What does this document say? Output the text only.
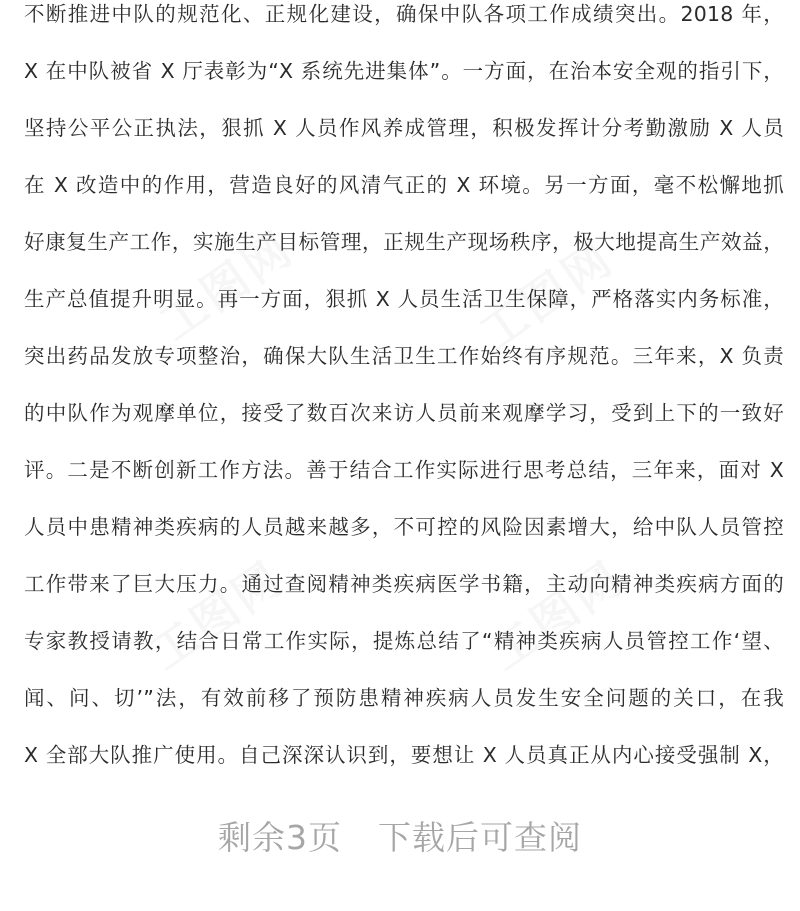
工图网	工图网
工图网	工图网
不断推进中队的规范化、正规化建设，确保中队各项工作成绩突出。2018 年，
X 在中队被省 X 厅表彰为“X 系统先进集体”。一方面，在治本安全观的指引下，
坚持公平公正执法，狠抓 X 人员作风养成管理，积极发挥计分考勤激励 X 人员
在 X 改造中的作用，营造良好的风清气正的 X 环境。另一方面，毫不松懈地抓
好康复生产工作，实施生产目标管理，正规生产现场秩序，极大地提高生产效益，
生产总值提升明显。再一方面，狠抓 X 人员生活卫生保障，严格落实内务标准，
突出药品发放专项整治，确保大队生活卫生工作始终有序规范。三年来，X 负责
的中队作为观摩单位，接受了数百次来访人员前来观摩学习，受到上下的一致好
评。二是不断创新工作方法。善于结合工作实际进行思考总结，三年来，面对 X
人员中患精神类疾病的人员越来越多，不可控的风险因素增大，给中队人员管控
工作带来了巨大压力。通过查阅精神类疾病医学书籍，主动向精神类疾病方面的
专家教授请教，结合日常工作实际，提炼总结了“精神类疾病人员管控工作‘望、
闻、问、切’”法，有效前移了预防患精神疾病人员发生安全问题的关口，在我
X 全部大队推广使用。自己深深认识到，要想让 X 人员真正从内心接受强制 X，
剩余3页 下载后可查阅
